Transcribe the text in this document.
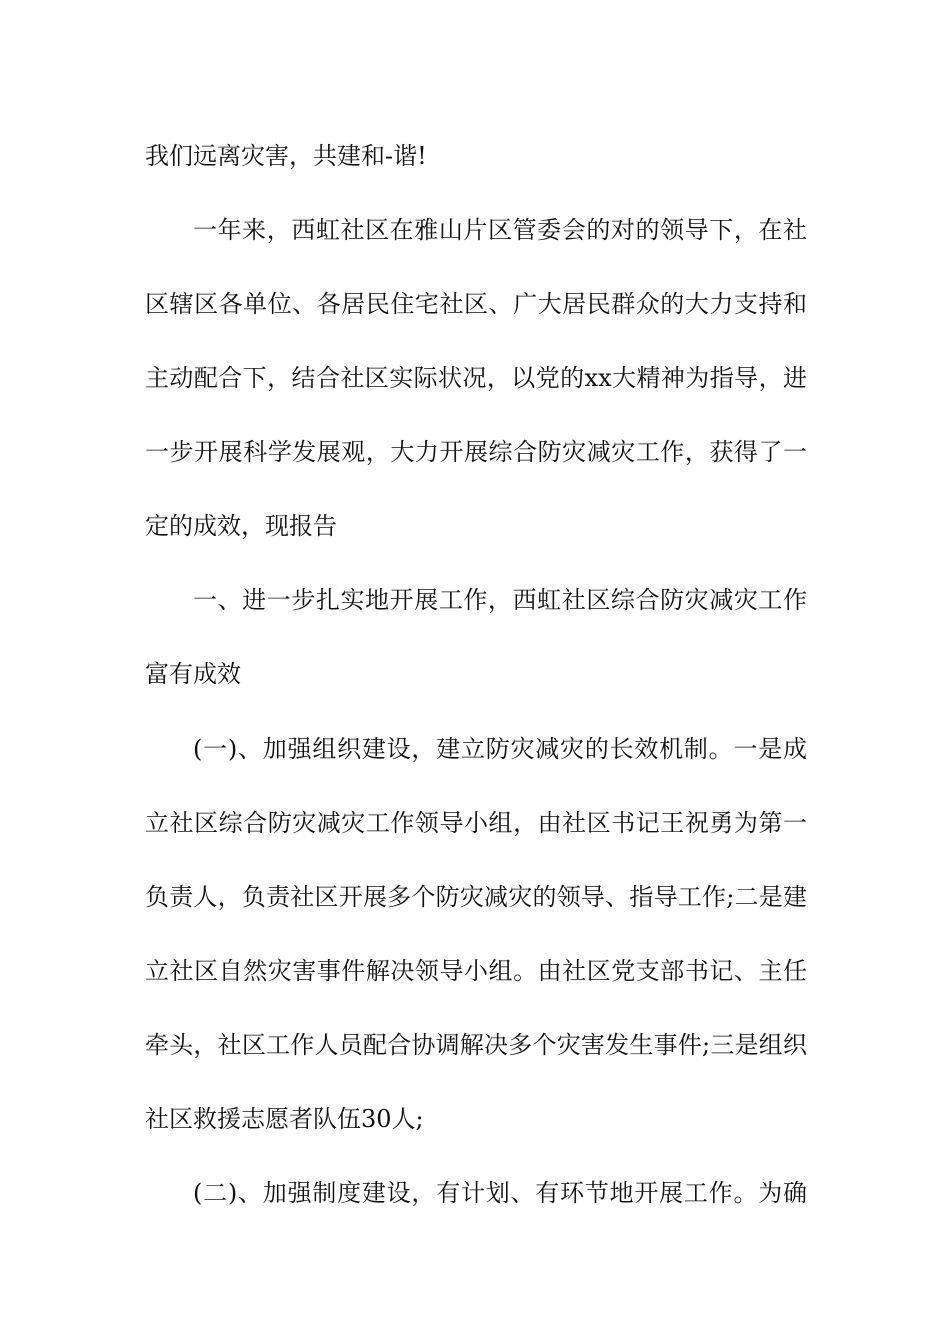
我们远离灾害，共建和-谐!
一年来，西虹社区在雅山片区管委会的对的领导下，在社
区辖区各单位、各居民住宅社区、广大居民群众的大力支持和
主动配合下，结合社区实际状况，以党的xx大精神为指导，进
一步开展科学发展观，大力开展综合防灾减灾工作，获得了一
定的成效，现报告
一、进一步扎实地开展工作，西虹社区综合防灾减灾工作
富有成效
(一)、加强组织建设，建立防灾减灾的长效机制。一是成
立社区综合防灾减灾工作领导小组，由社区书记王祝勇为第一
负责人，负责社区开展多个防灾减灾的领导、指导工作;二是建
立社区自然灾害事件解决领导小组。由社区党支部书记、主任
牵头，社区工作人员配合协调解决多个灾害发生事件;三是组织
社区救援志愿者队伍30人;
(二)、加强制度建设，有计划、有环节地开展工作。为确
